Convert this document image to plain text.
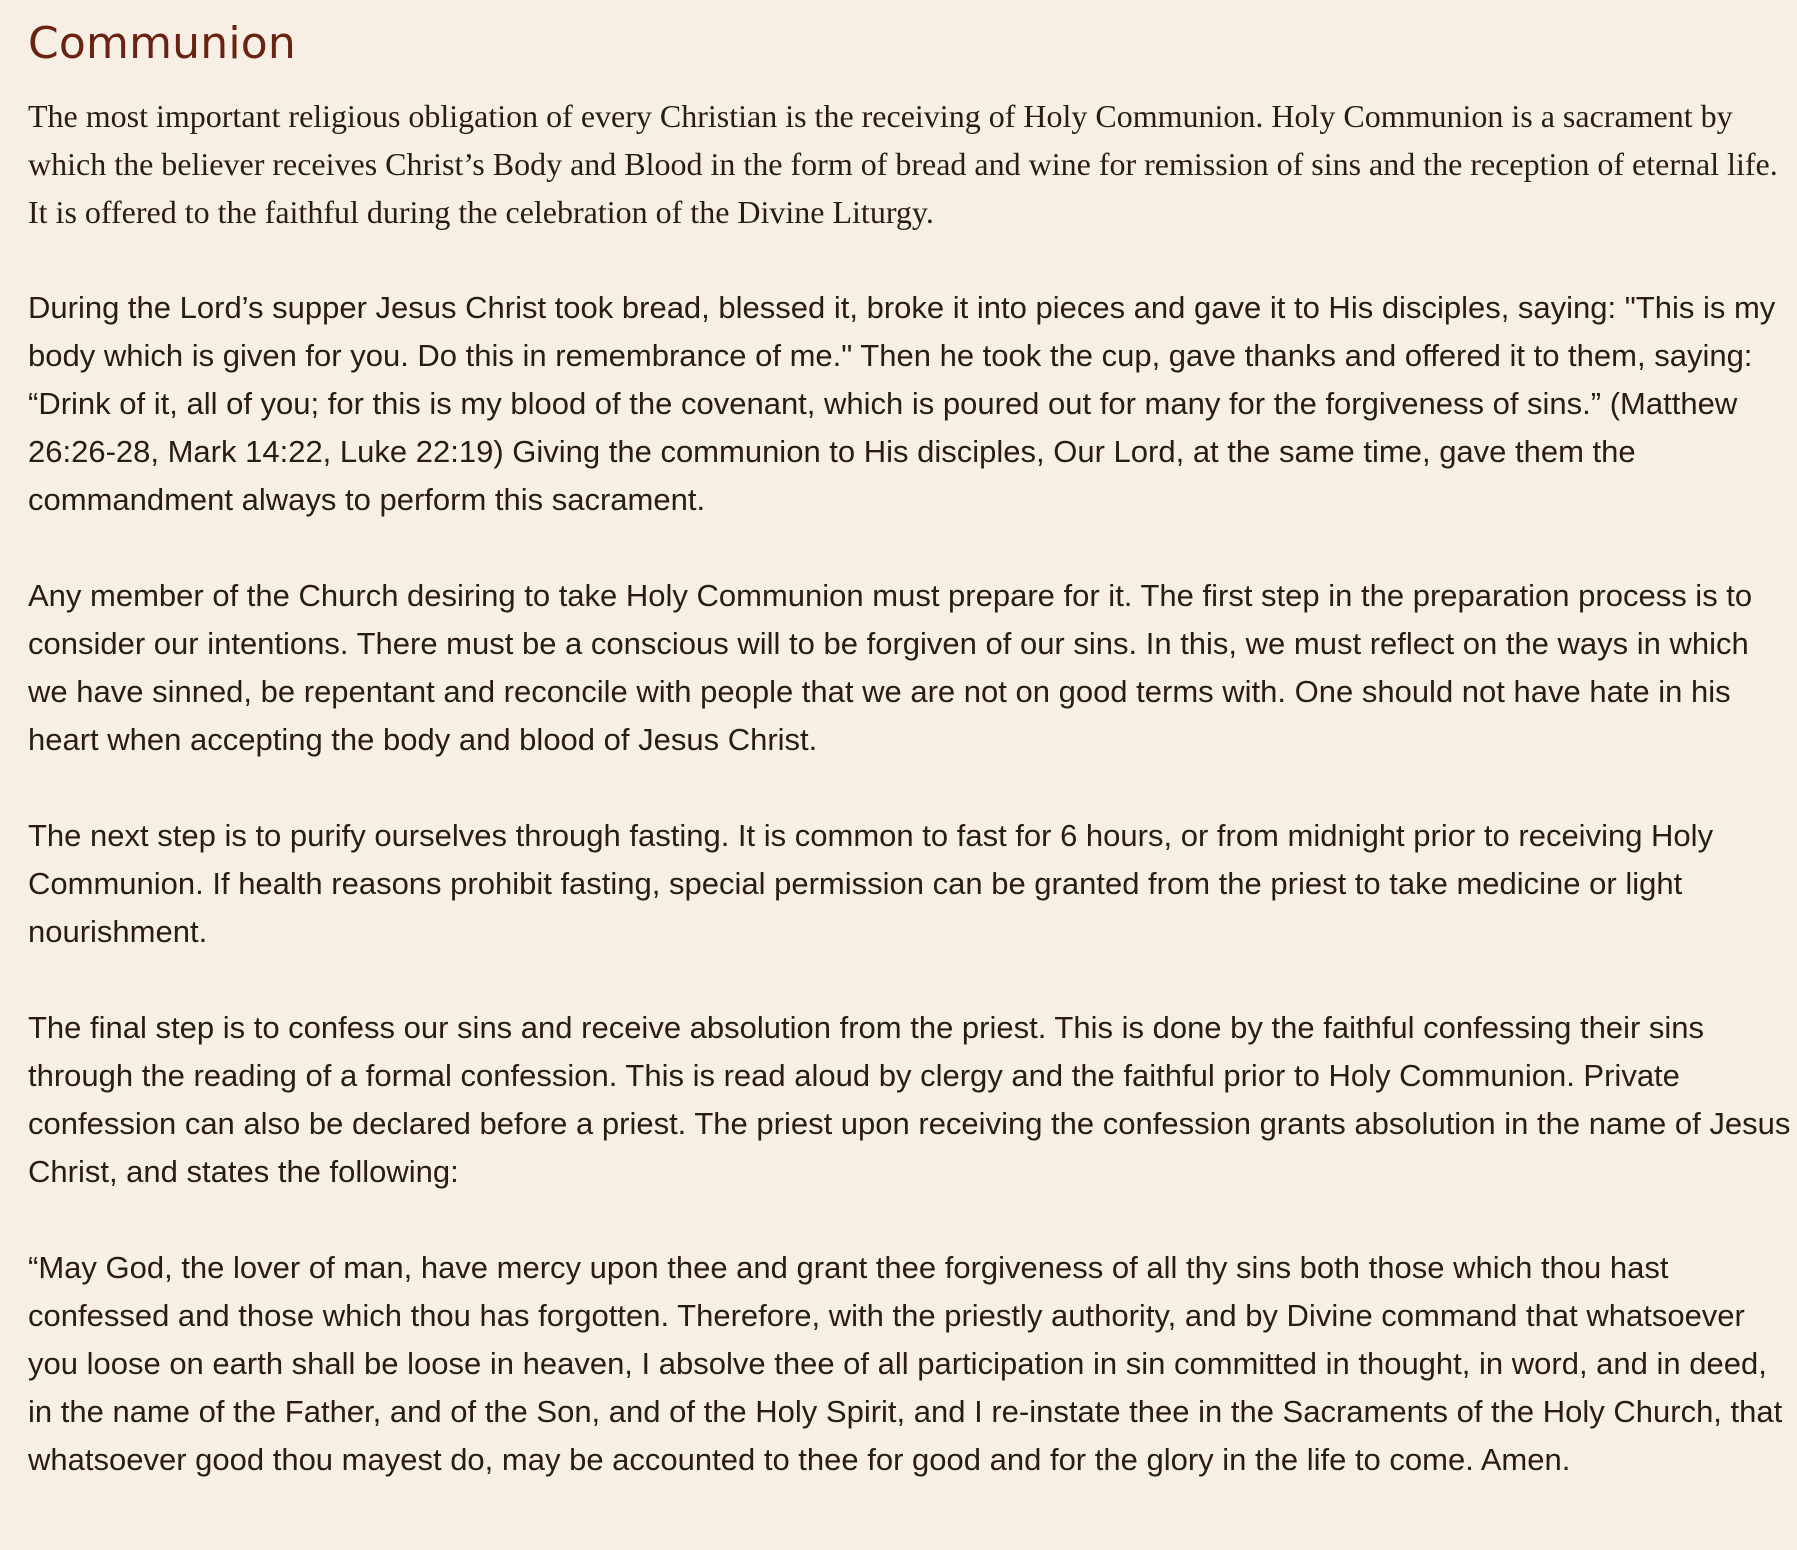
Communion

The most important religious obligation of every Christian is the receiving of Holy Communion. Holy Communion is a sacrament by which the believer receives Christ’s Body and Blood in the form of bread and wine for remission of sins and the reception of eternal life. It is offered to the faithful during the celebration of the Divine Liturgy.

During the Lord’s supper Jesus Christ took bread, blessed it, broke it into pieces and gave it to His disciples, saying: "This is my body which is given for you. Do this in remembrance of me." Then he took the cup, gave thanks and offered it to them, saying: “Drink of it, all of you; for this is my blood of the covenant, which is poured out for many for the forgiveness of sins.” (Matthew 26:26-28, Mark 14:22, Luke 22:19) Giving the communion to His disciples, Our Lord, at the same time, gave them the commandment always to perform this sacrament.

Any member of the Church desiring to take Holy Communion must prepare for it. The first step in the preparation process is to consider our intentions. There must be a conscious will to be forgiven of our sins. In this, we must reflect on the ways in which we have sinned, be repentant and reconcile with people that we are not on good terms with. One should not have hate in his heart when accepting the body and blood of Jesus Christ.

The next step is to purify ourselves through fasting. It is common to fast for 6 hours, or from midnight prior to receiving Holy Communion. If health reasons prohibit fasting, special permission can be granted from the priest to take medicine or light nourishment.

The final step is to confess our sins and receive absolution from the priest. This is done by the faithful confessing their sins through the reading of a formal confession. This is read aloud by clergy and the faithful prior to Holy Communion. Private confession can also be declared before a priest. The priest upon receiving the confession grants absolution in the name of Jesus Christ, and states the following:

“May God, the lover of man, have mercy upon thee and grant thee forgiveness of all thy sins both those which thou hast confessed and those which thou has forgotten. Therefore, with the priestly authority, and by Divine command that whatsoever you loose on earth shall be loose in heaven, I absolve thee of all participation in sin committed in thought, in word, and in deed, in the name of the Father, and of the Son, and of the Holy Spirit, and I re-instate thee in the Sacraments of the Holy Church, that whatsoever good thou mayest do, may be accounted to thee for good and for the glory in the life to come. Amen.
